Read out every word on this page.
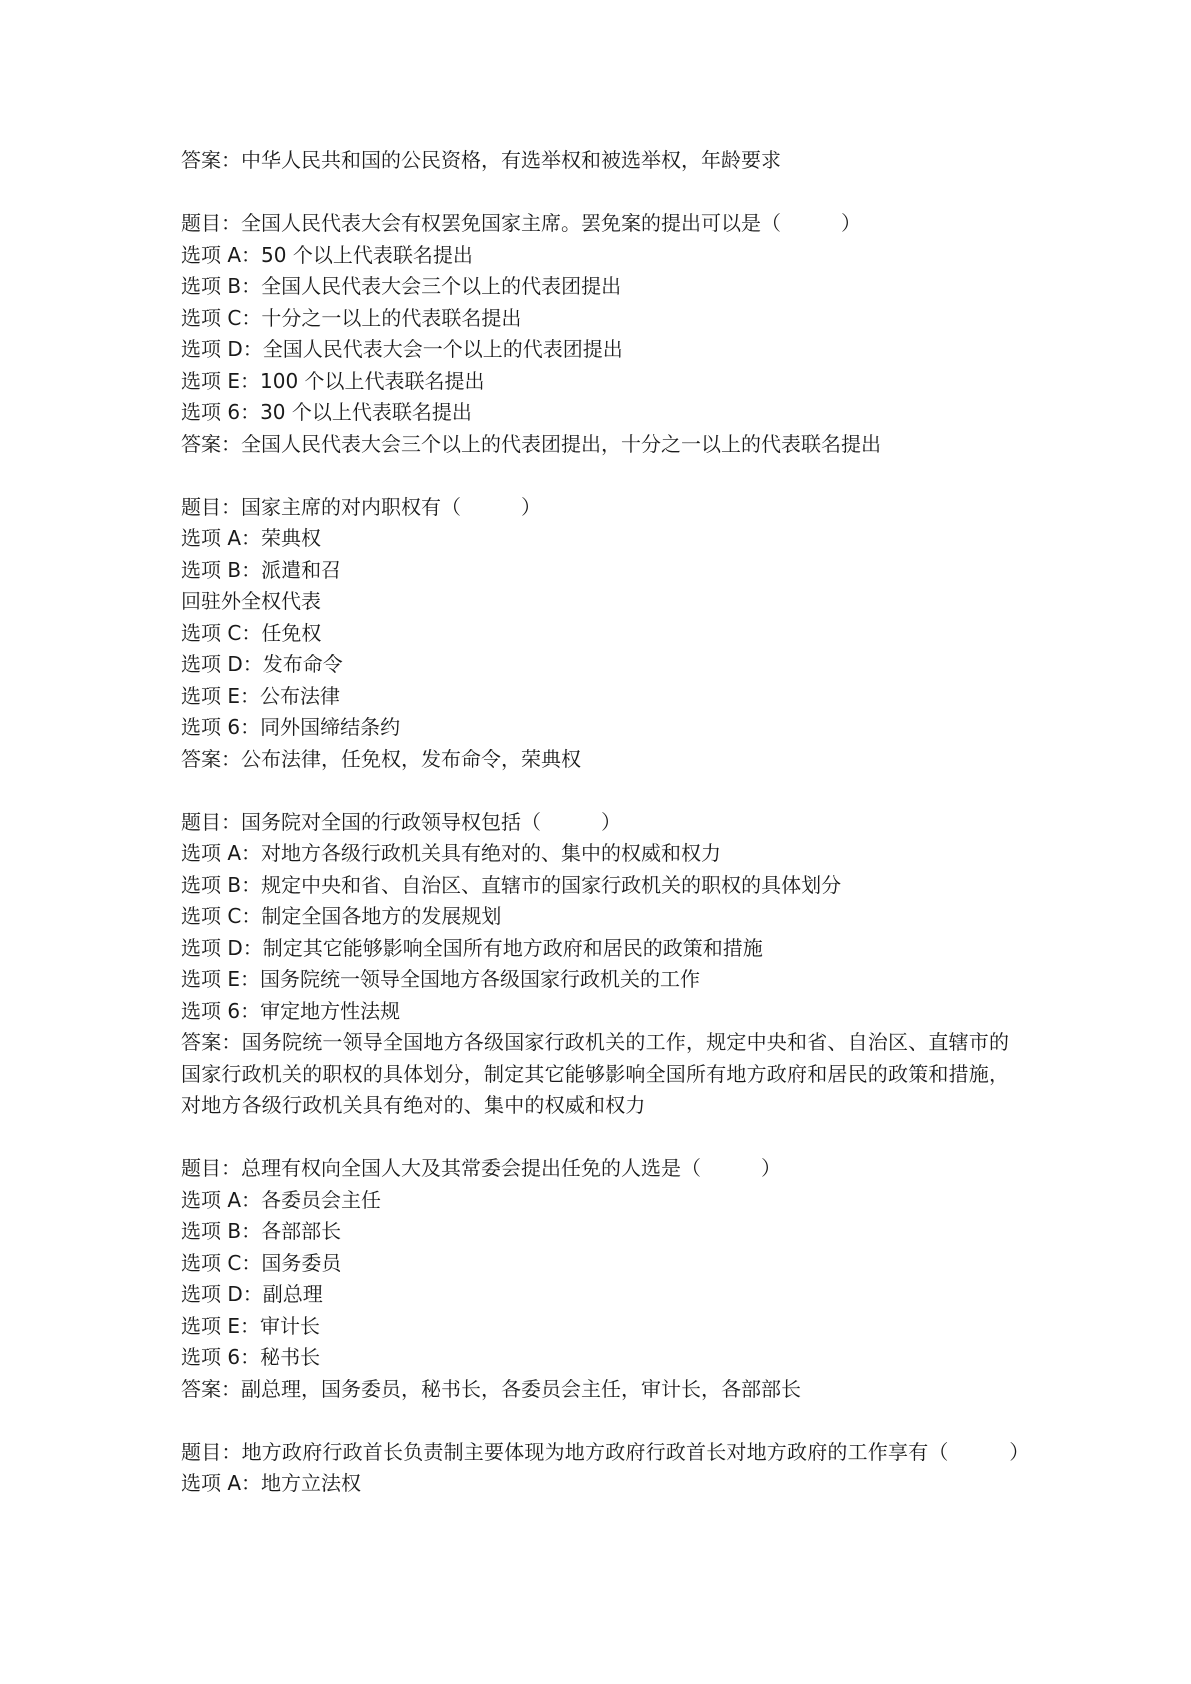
答案：中华人民共和国的公民资格，有选举权和被选举权，年龄要求
题目：全国人民代表大会有权罢免国家主席。罢免案的提出可以是（　　　）
选项 A：50 个以上代表联名提出
选项 B：全国人民代表大会三个以上的代表团提出
选项 C：十分之一以上的代表联名提出
选项 D：全国人民代表大会一个以上的代表团提出
选项 E：100 个以上代表联名提出
选项 6：30 个以上代表联名提出
答案：全国人民代表大会三个以上的代表团提出，十分之一以上的代表联名提出
题目：国家主席的对内职权有（　　　）
选项 A：荣典权
选项 B：派遣和召
回驻外全权代表
选项 C：任免权
选项 D：发布命令
选项 E：公布法律
选项 6：同外国缔结条约
答案：公布法律，任免权，发布命令，荣典权
题目：国务院对全国的行政领导权包括（　　　）
选项 A：对地方各级行政机关具有绝对的、集中的权威和权力
选项 B：规定中央和省、自治区、直辖市的国家行政机关的职权的具体划分
选项 C：制定全国各地方的发展规划
选项 D：制定其它能够影响全国所有地方政府和居民的政策和措施
选项 E：国务院统一领导全国地方各级国家行政机关的工作
选项 6：审定地方性法规
答案：国务院统一领导全国地方各级国家行政机关的工作，规定中央和省、自治区、直辖市的国家行政机关的职权的具体划分，制定其它能够影响全国所有地方政府和居民的政策和措施，对地方各级行政机关具有绝对的、集中的权威和权力
题目：总理有权向全国人大及其常委会提出任免的人选是（　　　）
选项 A：各委员会主任
选项 B：各部部长
选项 C：国务委员
选项 D：副总理
选项 E：审计长
选项 6：秘书长
答案：副总理，国务委员，秘书长，各委员会主任，审计长，各部部长
题目：地方政府行政首长负责制主要体现为地方政府行政首长对地方政府的工作享有（　　　）
选项 A：地方立法权
